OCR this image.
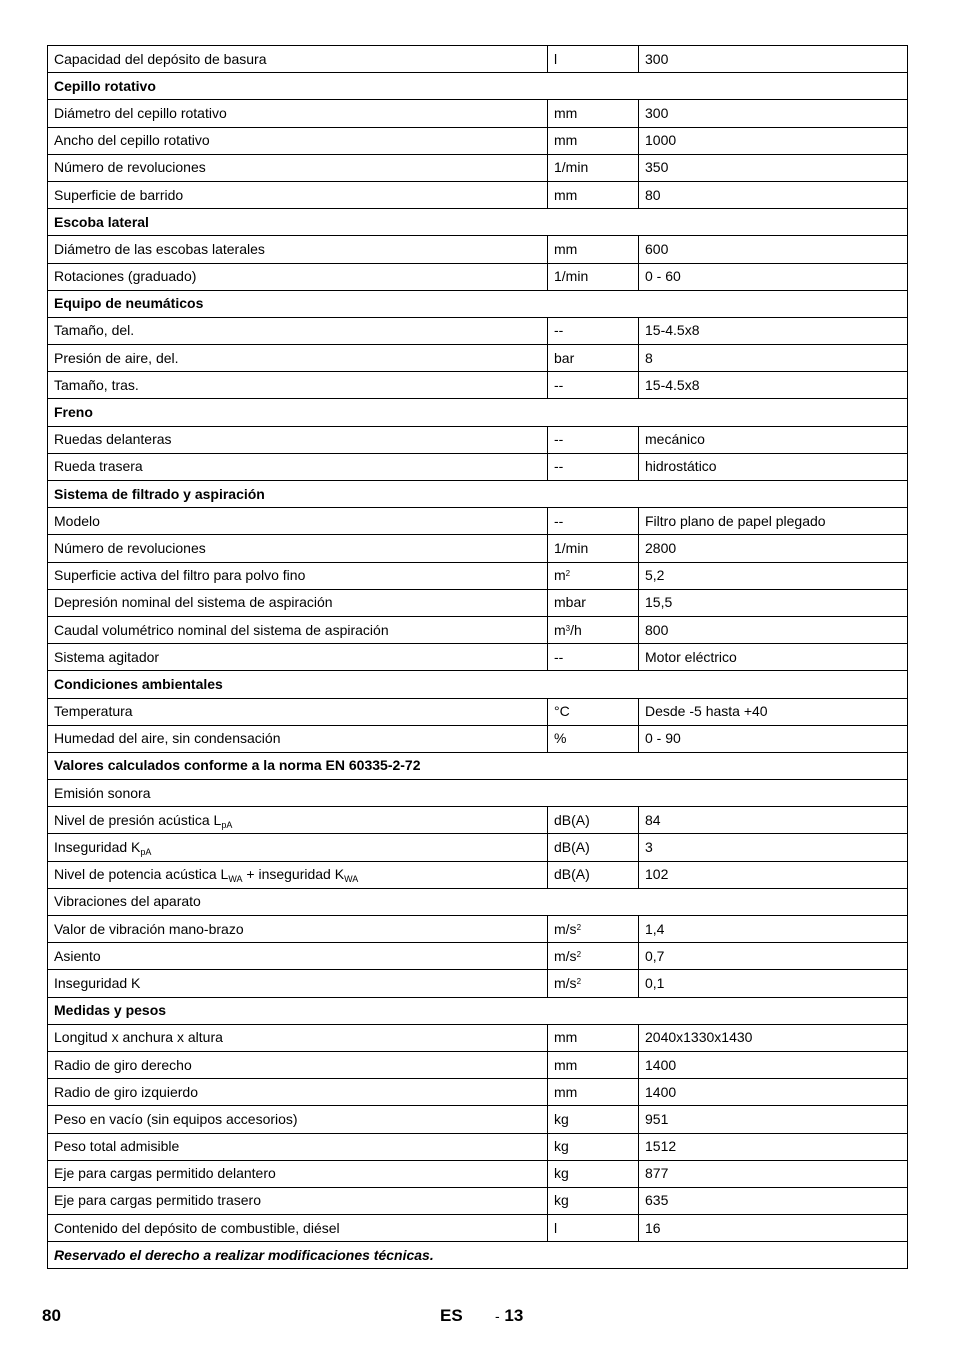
Capacidad del depósito de basura	l	300
Cepillo rotativo		
Diámetro del cepillo rotativo	mm	300
Ancho del cepillo rotativo	mm	1000
Número de revoluciones	1/min	350
Superficie de barrido	mm	80
Escoba lateral		
Diámetro de las escobas laterales	mm	600
Rotaciones (graduado)	1/min	0 - 60
Equipo de neumáticos		
Tamaño, del.	--	15-4.5x8
Presión de aire, del.	bar	8
Tamaño, tras.	--	15-4.5x8
Freno		
Ruedas delanteras	--	mecánico
Rueda trasera	--	hidrostático
Sistema de filtrado y aspiración		
Modelo	--	Filtro plano de papel plegado
Número de revoluciones	1/min	2800
Superficie activa del filtro para polvo fino	$m^2$	5,2
Depresión nominal del sistema de aspiración	mbar	15,5
Caudal volumétrico nominal del sistema de aspiración	$m^3/h$	800
Sistema agitador	--	Motor eléctrico
Condiciones ambientales		
Temperatura	°C	Desde -5 hasta +40
Humedad del aire, sin condensación	%	0 - 90
Valores calculados conforme a la norma EN 60335-2-72		
Emisión sonora		
Nivel de presión acústica $L_{pA}$	dB(A)	84
Inseguridad $K_{pA}$	dB(A)	3
Nivel de potencia acústica $L_{WA}$ + inseguridad $K_{WA}$	dB(A)	102
Vibraciones del aparato		
Valor de vibración mano-brazo	$m/s^2$	1,4
Asiento	$m/s^2$	0,7
Inseguridad K	$m/s^2$	0,1
Medidas y pesos		
Longitud x anchura x altura	mm	2040x1330x1430
Radio de giro derecho	mm	1400
Radio de giro izquierdo	mm	1400
Peso en vacío (sin equipos accesorios)	kg	951
Peso total admisible	kg	1512
Eje para cargas permitido delantero	kg	877
Eje para cargas permitido trasero	kg	635
Contenido del depósito de combustible, diésel	l	16
Reservado el derecho a realizar modificaciones técnicas.		
80	ES - 13
